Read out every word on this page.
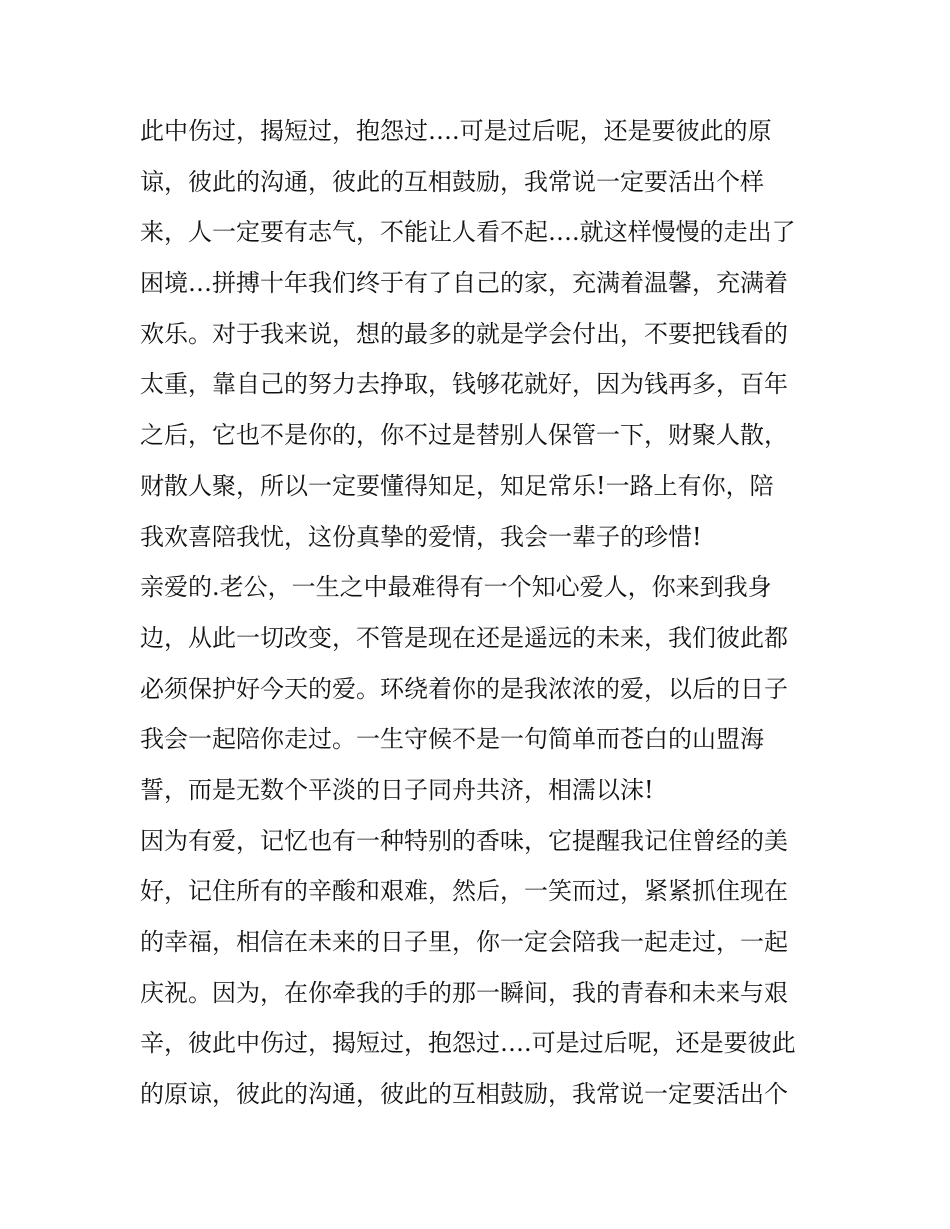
此中伤过，揭短过，抱怨过….可是过后呢，还是要彼此的原
谅，彼此的沟通，彼此的互相鼓励，我常说一定要活出个样
来，人一定要有志气，不能让人看不起….就这样慢慢的走出了
困境…拼搏十年我们终于有了自己的家，充满着温馨，充满着
欢乐。对于我来说，想的最多的就是学会付出，不要把钱看的
太重，靠自己的努力去挣取，钱够花就好，因为钱再多，百年
之后，它也不是你的，你不过是替别人保管一下，财聚人散，
财散人聚，所以一定要懂得知足，知足常乐!一路上有你，陪
我欢喜陪我忧，这份真挚的爱情，我会一辈子的珍惜!
亲爱的.老公，一生之中最难得有一个知心爱人，你来到我身
边，从此一切改变，不管是现在还是遥远的未来，我们彼此都
必须保护好今天的爱。环绕着你的是我浓浓的爱，以后的日子
我会一起陪你走过。一生守候不是一句简单而苍白的山盟海
誓，而是无数个平淡的日子同舟共济，相濡以沫!
因为有爱，记忆也有一种特别的香味，它提醒我记住曾经的美
好，记住所有的辛酸和艰难，然后，一笑而过，紧紧抓住现在
的幸福，相信在未来的日子里，你一定会陪我一起走过，一起
庆祝。因为，在你牵我的手的那一瞬间，我的青春和未来与艰
辛，彼此中伤过，揭短过，抱怨过….可是过后呢，还是要彼此
的原谅，彼此的沟通，彼此的互相鼓励，我常说一定要活出个
